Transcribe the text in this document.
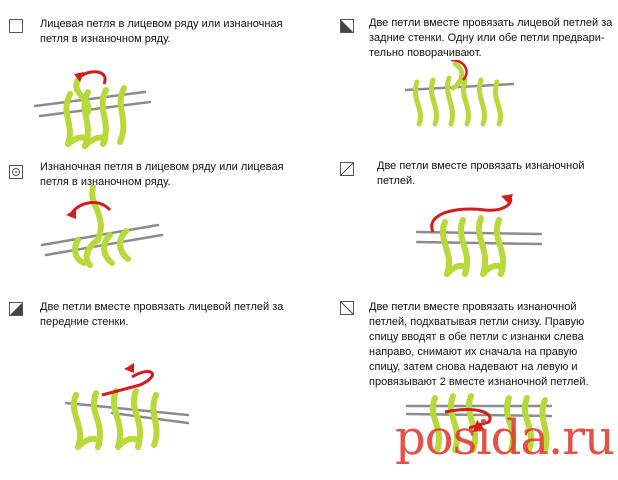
Лицевая петля в лицевом ряду или изнаночная
петля в изнаночном ряду.
Изнаночная петля в лицевом ряду или лицевая
петля в изнаночном ряду.
Две петли вместе провязать лицевой петлей за
передние стенки.
Две петли вместе провязать лицевой петлей за
задние стенки. Одну или обе петли предвари-
тельно поворачивают.
Две петли вместе провязать изнаночной
петлей.
Две петли вместе провязать изнаночной
петлей, подхватывая петли снизу. Правую
спицу вводят в обе петли с изнанки слева
направо, снимают их сначала на правую
спицу, затем снова надевают на левую и
провязывают 2 вместе изнаночной петлей.
posida.ru
